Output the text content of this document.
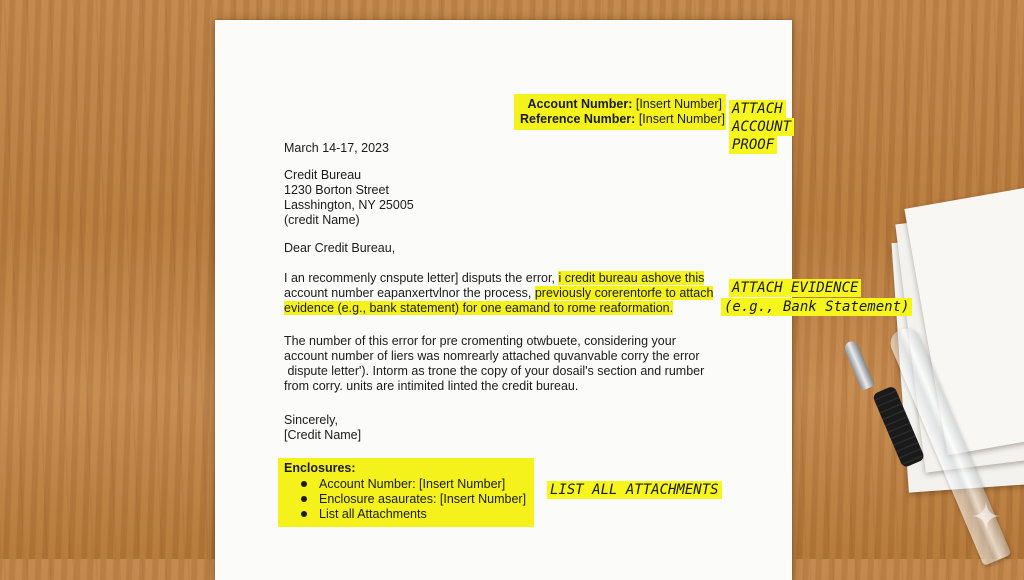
Account Number: [Insert Number]
Reference Number: [Insert Number]
March 14-17, 2023
Credit Bureau
1230 Borton Street
Lasshington, NY 25005
(credit Name)
Dear Credit Bureau,
I an recommenly cnspute letter] disputs the error, i credit bureau ashove this
account number eapanxertvlnor the process, previously corerentorfe to attach
evidence (e.g., bank statement) for one eamand to rome reaformation.
The number of this error for pre cromenting otwbuete, considering your
account number of liers was nomrearly attached quvanvable corry the error
dispute letter'). Intorm as trone the copy of your dosail's section and rumber
from corry. units are intimited linted the credit bureau.
Sincerely,
[Credit Name]
Enclosures:
Account Number: [Insert Number]
Enclosure asaurates: [Insert Number]
List all Attachments
ATTACH
ACCOUNT
PROOF
ATTACH EVIDENCE
(e.g., Bank Statement)
LIST ALL ATTACHMENTS
